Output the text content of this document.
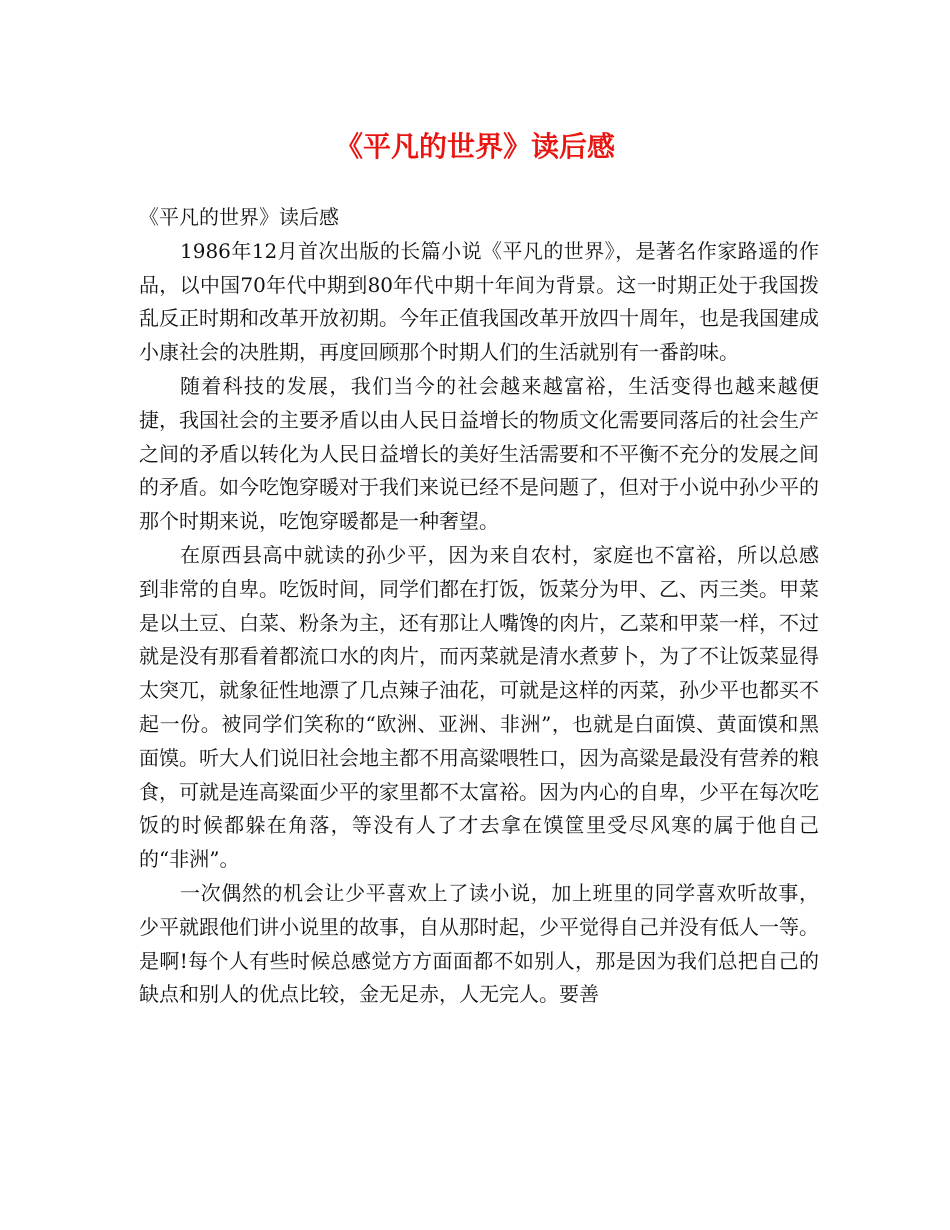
《平凡的世界》读后感

《平凡的世界》读后感

1986年12月首次出版的长篇小说《平凡的世界》，是著名作家路遥的作品，以中国70年代中期到80年代中期十年间为背景。这一时期正处于我国拨乱反正时期和改革开放初期。今年正值我国改革开放四十周年，也是我国建成小康社会的决胜期，再度回顾那个时期人们的生活就别有一番韵味。

随着科技的发展，我们当今的社会越来越富裕，生活变得也越来越便捷，我国社会的主要矛盾以由人民日益增长的物质文化需要同落后的社会生产之间的矛盾以转化为人民日益增长的美好生活需要和不平衡不充分的发展之间的矛盾。如今吃饱穿暖对于我们来说已经不是问题了，但对于小说中孙少平的那个时期来说，吃饱穿暖都是一种奢望。

在原西县高中就读的孙少平，因为来自农村，家庭也不富裕，所以总感到非常的自卑。吃饭时间，同学们都在打饭，饭菜分为甲、乙、丙三类。甲菜是以土豆、白菜、粉条为主，还有那让人嘴馋的肉片，乙菜和甲菜一样，不过就是没有那看着都流口水的肉片，而丙菜就是清水煮萝卜，为了不让饭菜显得太突兀，就象征性地漂了几点辣子油花，可就是这样的丙菜，孙少平也都买不起一份。被同学们笑称的“欧洲、亚洲、非洲”，也就是白面馍、黄面馍和黑面馍。听大人们说旧社会地主都不用高粱喂牲口，因为高粱是最没有营养的粮食，可就是连高粱面少平的家里都不太富裕。因为内心的自卑，少平在每次吃饭的时候都躲在角落，等没有人了才去拿在馍筐里受尽风寒的属于他自己的“非洲”。

一次偶然的机会让少平喜欢上了读小说，加上班里的同学喜欢听故事，少平就跟他们讲小说里的故事，自从那时起，少平觉得自己并没有低人一等。是啊!每个人有些时候总感觉方方面面都不如别人，那是因为我们总把自己的缺点和别人的优点比较，金无足赤，人无完人。要善
